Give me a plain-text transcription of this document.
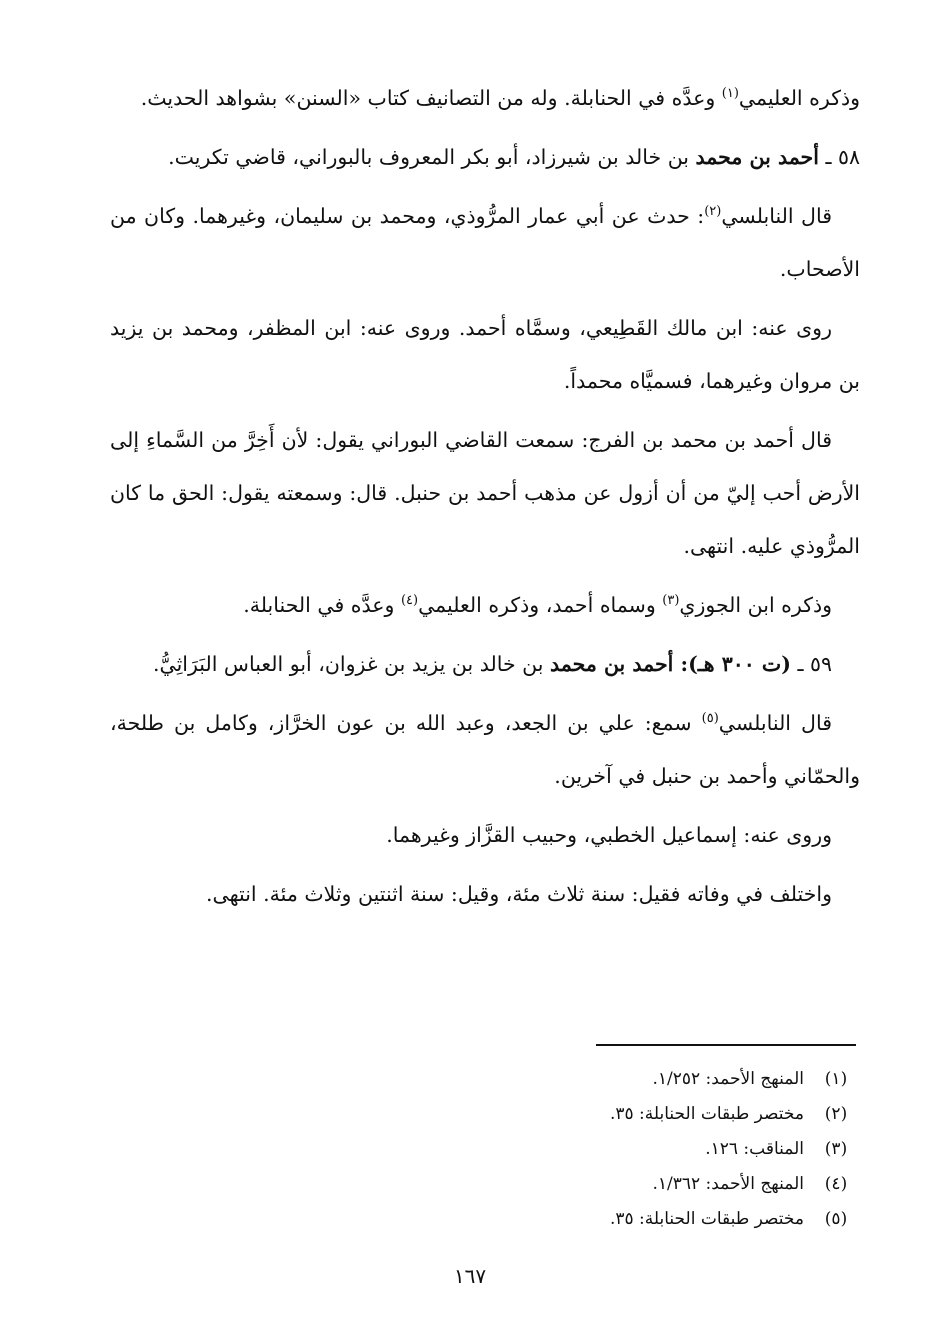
وذكره العليمي$^{(١)}$ وعدَّه في الحنابلة. وله من التصانيف كتاب «السنن» بشواهد الحديث.

٥٨ ـ أحمد بن محمد بن خالد بن شيرزاد، أبو بكر المعروف بالبوراني، قاضي تكريت.

قال النابلسي$^{(٢)}$: حدث عن أبي عمار المرُّوذي، ومحمد بن سليمان، وغيرهما. وكان من الأصحاب.

روى عنه: ابن مالك القَطِيعي، وسمَّاه أحمد. وروى عنه: ابن المظفر، ومحمد بن يزيد بن مروان وغيرهما، فسميَّاه محمداً.

قال أحمد بن محمد بن الفرج: سمعت القاضي البوراني يقول: لأن أَخِرَّ من السَّماءِ إلى الأرض أحب إليّ من أن أزول عن مذهب أحمد بن حنبل. قال: وسمعته يقول: الحق ما كان المرُّوذي عليه. انتهى.

وذكره ابن الجوزي$^{(٣)}$ وسماه أحمد، وذكره العليمي$^{(٤)}$ وعدَّه في الحنابلة.

٥٩ ـ (ت ٣٠٠ هـ): أحمد بن محمد بن خالد بن يزيد بن غزوان، أبو العباس البَرَاثِيُّ.

قال النابلسي$^{(٥)}$ سمع: علي بن الجعد، وعبد الله بن عون الخرَّاز، وكامل بن طلحة، والحمّاني وأحمد بن حنبل في آخرين.

وروى عنه: إسماعيل الخطبي، وحبيب القزَّاز وغيرهما.

واختلف في وفاته فقيل: سنة ثلاث مئة، وقيل: سنة اثنتين وثلاث مئة. انتهى.

(١)
المنهج الأحمد: ١/٢٥٢.
(٢)
مختصر طبقات الحنابلة: ٣٥.
(٣)
المناقب: ١٢٦.
(٤)
المنهج الأحمد: ١/٣٦٢.
(٥)
مختصر طبقات الحنابلة: ٣٥.
١٦٧
